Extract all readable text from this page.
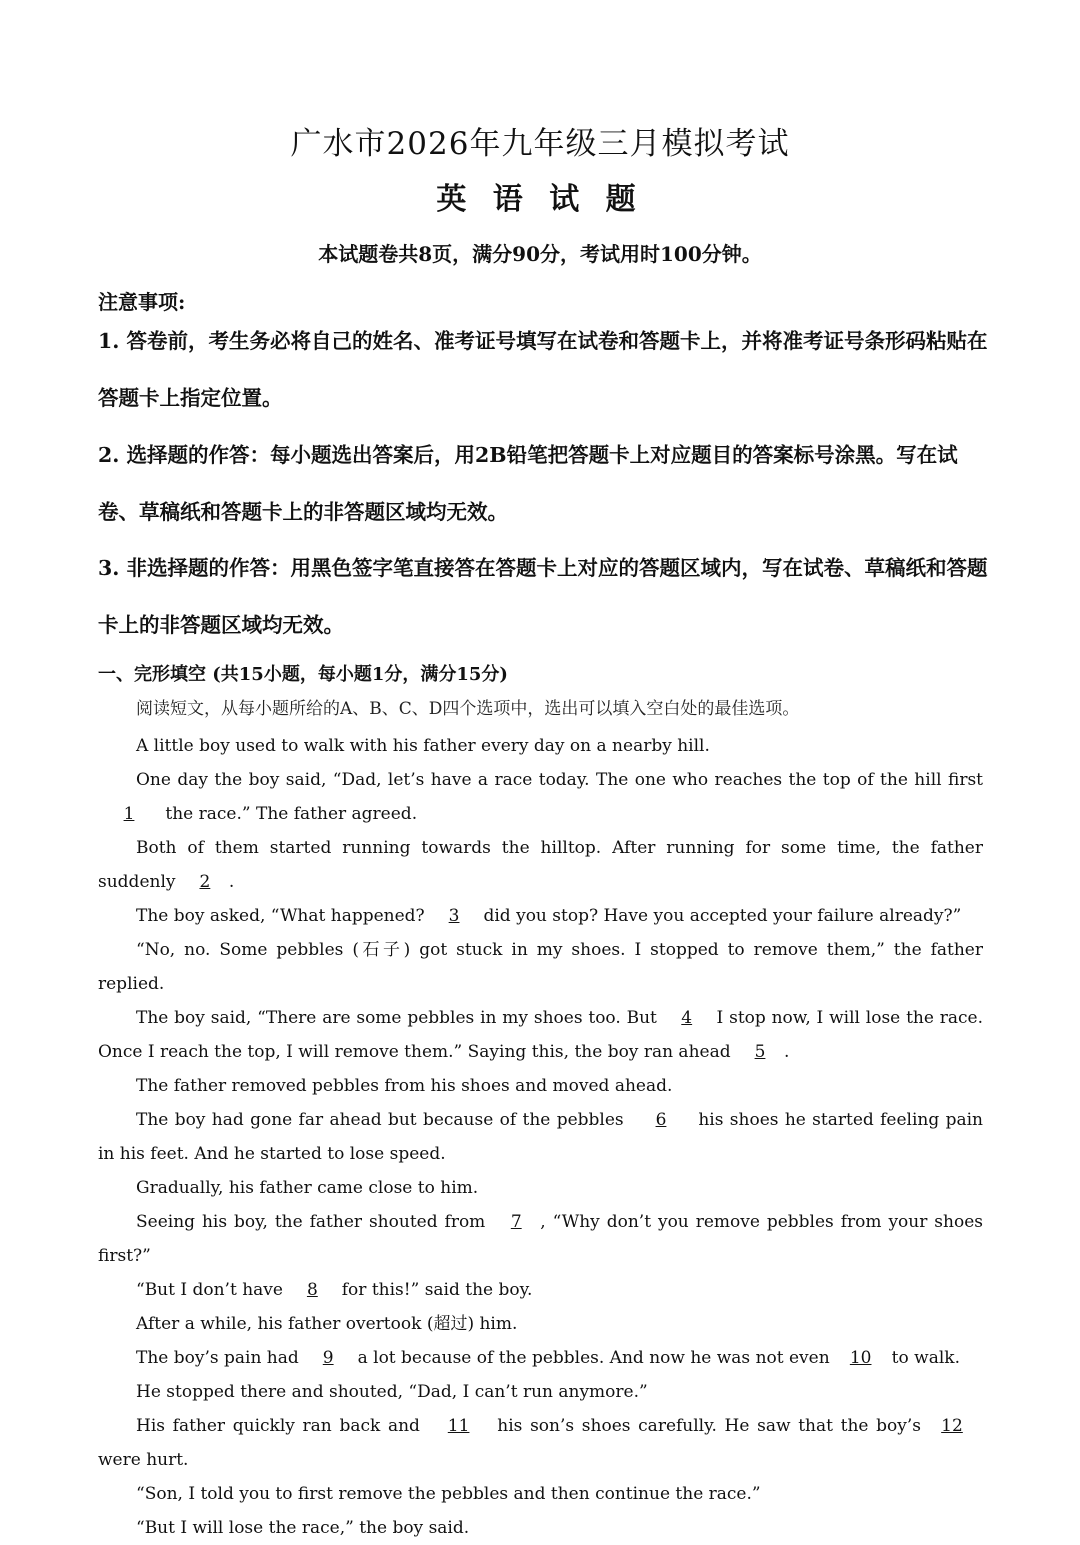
广水市2026年九年级三月模拟考试
英 语 试 题
本试题卷共8页，满分90分，考试用时100分钟。
注意事项:
1. 答卷前，考生务必将自己的姓名、准考证号填写在试卷和答题卡上，并将准考证号条形码粘贴在答题卡上指定位置。
2. 选择题的作答：每小题选出答案后，用2B铅笔把答题卡上对应题目的答案标号涂黑。写在试卷、草稿纸和答题卡上的非答题区域均无效。
3. 非选择题的作答：用黑色签字笔直接答在答题卡上对应的答题区域内，写在试卷、草稿纸和答题卡上的非答题区域均无效。
一、完形填空 (共15小题，每小题1分，满分15分)
阅读短文，从每小题所给的A、B、C、D四个选项中，选出可以填入空白处的最佳选项。

A little boy used to walk with his father every day on a nearby hill.

One day the boy said, “Dad, let’s have a race today. The one who reaches the top of the hill first 1 the race.” The father agreed.

Both of them started running towards the hilltop. After running for some time, the father suddenly 2 .

The boy asked, “What happened? 3 did you stop? Have you accepted your failure already?”

“No, no. Some pebbles (石子) got stuck in my shoes. I stopped to remove them,” the father replied.

The boy said, “There are some pebbles in my shoes too. But 4 I stop now, I will lose the race. Once I reach the top, I will remove them.” Saying this, the boy ran ahead 5 .

The father removed pebbles from his shoes and moved ahead.

The boy had gone far ahead but because of the pebbles 6 his shoes he started feeling pain in his feet. And he started to lose speed.

Gradually, his father came close to him.

Seeing his boy, the father shouted from 7 , “Why don’t you remove pebbles from your shoes first?”

“But I don’t have 8 for this!” said the boy.

After a while, his father overtook (超过) him.

The boy’s pain had 9 a lot because of the pebbles. And now he was not even 10 to walk.

He stopped there and shouted, “Dad, I can’t run anymore.”

His father quickly ran back and 11 his son’s shoes carefully. He saw that the boy’s 12 were hurt.

“Son, I told you to first remove the pebbles and then continue the race.”

“But I will lose the race,” the boy said.
